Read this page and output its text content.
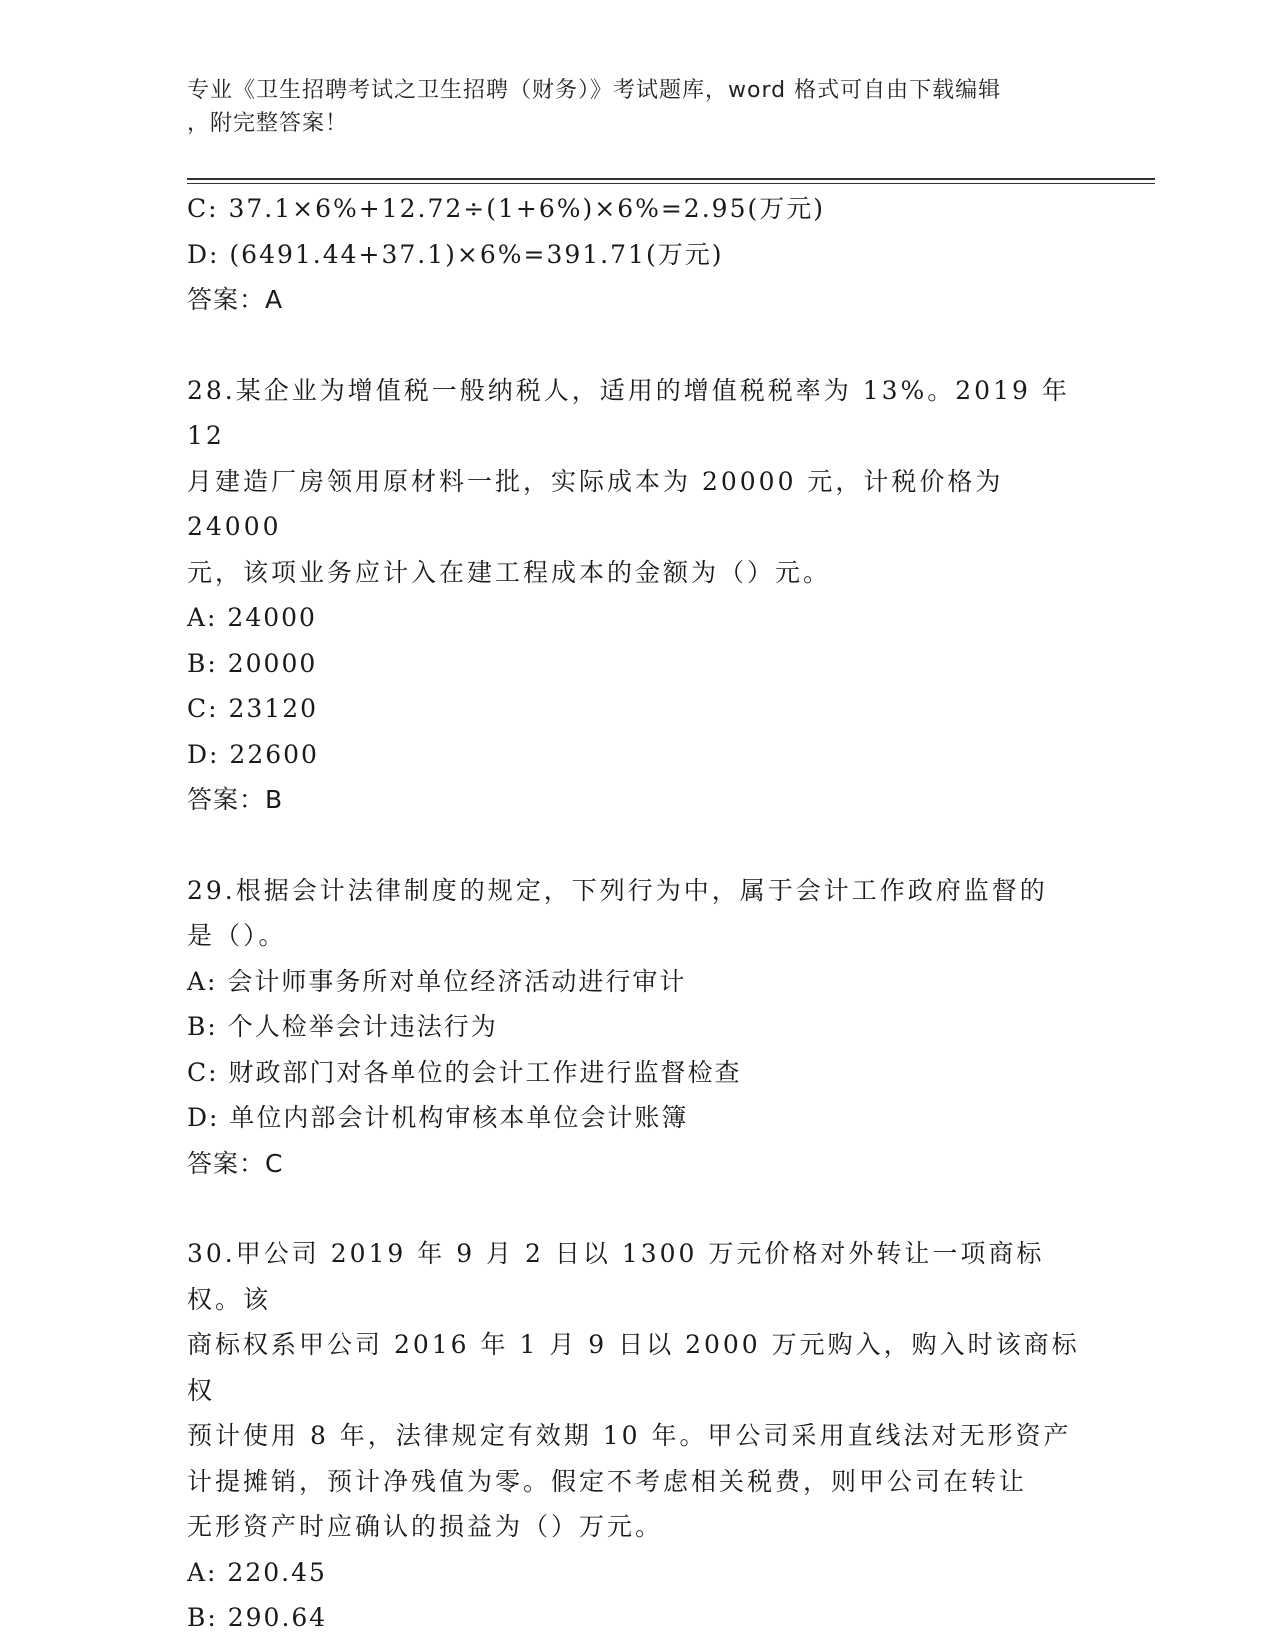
专业《卫生招聘考试之卫生招聘（财务）》考试题库，word 格式可自由下载编辑
，附完整答案！
C: 37.1×6%+12.72÷(1+6%)×6%=2.95(万元)
D: (6491.44+37.1)×6%=391.71(万元)
答案：A
28.某企业为增值税一般纳税人，适用的增值税税率为 13%。2019 年 12
月建造厂房领用原材料一批，实际成本为 20000 元，计税价格为 24000
元，该项业务应计入在建工程成本的金额为（）元。
A: 24000
B: 20000
C: 23120
D: 22600
答案：B
29.根据会计法律制度的规定，下列行为中，属于会计工作政府监督的
是（）。
A: 会计师事务所对单位经济活动进行审计
B: 个人检举会计违法行为
C: 财政部门对各单位的会计工作进行监督检查
D: 单位内部会计机构审核本单位会计账簿
答案：C
30.甲公司 2019 年 9 月 2 日以 1300 万元价格对外转让一项商标权。该
商标权系甲公司 2016 年 1 月 9 日以 2000 万元购入，购入时该商标权
预计使用 8 年，法律规定有效期 10 年。甲公司采用直线法对无形资产
计提摊销，预计净残值为零。假定不考虑相关税费，则甲公司在转让
无形资产时应确认的损益为（）万元。
A: 220.45
B: 290.64
